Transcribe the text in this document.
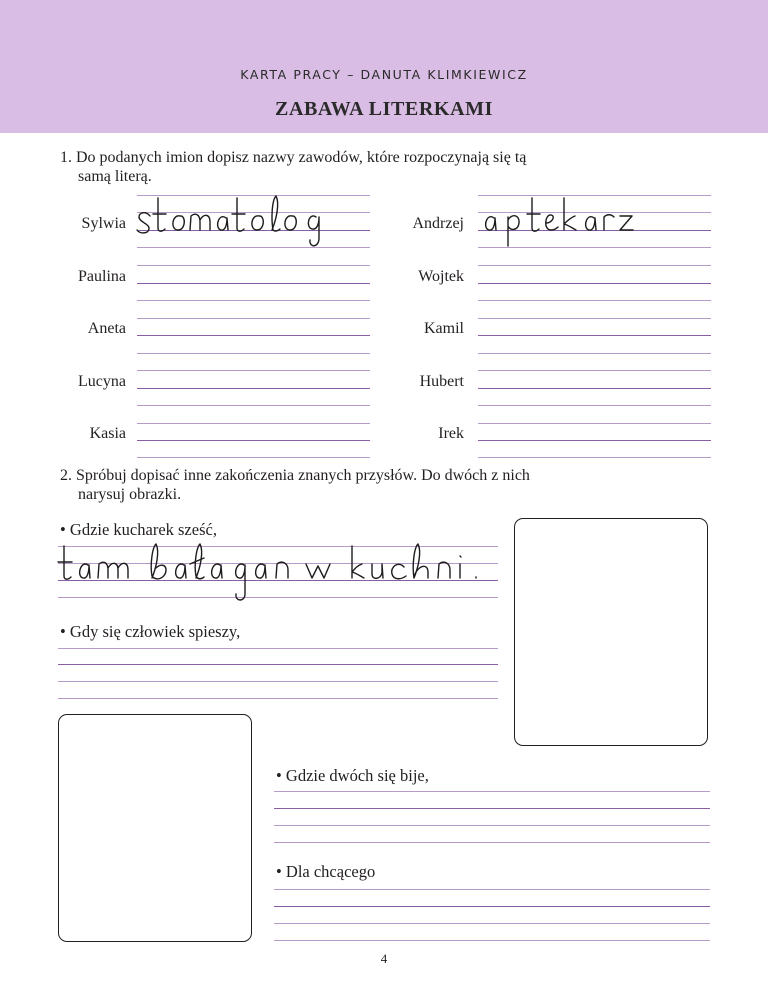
KARTA PRACY – DANUTA KLIMKIEWICZ
ZABAWA LITERKAMI
1. Do podanych imion dopisz nazwy zawodów, które rozpoczynają się tą
samą literą.
Sylwia
Paulina
Aneta
Lucyna
Kasia
Andrzej
Wojtek
Kamil
Hubert
Irek
2. Spróbuj dopisać inne zakończenia znanych przysłów. Do dwóch z nich
narysuj obrazki.
• Gdzie kucharek sześć,
• Gdy się człowiek spieszy,
• Gdzie dwóch się bije,
• Dla chcącego
4
